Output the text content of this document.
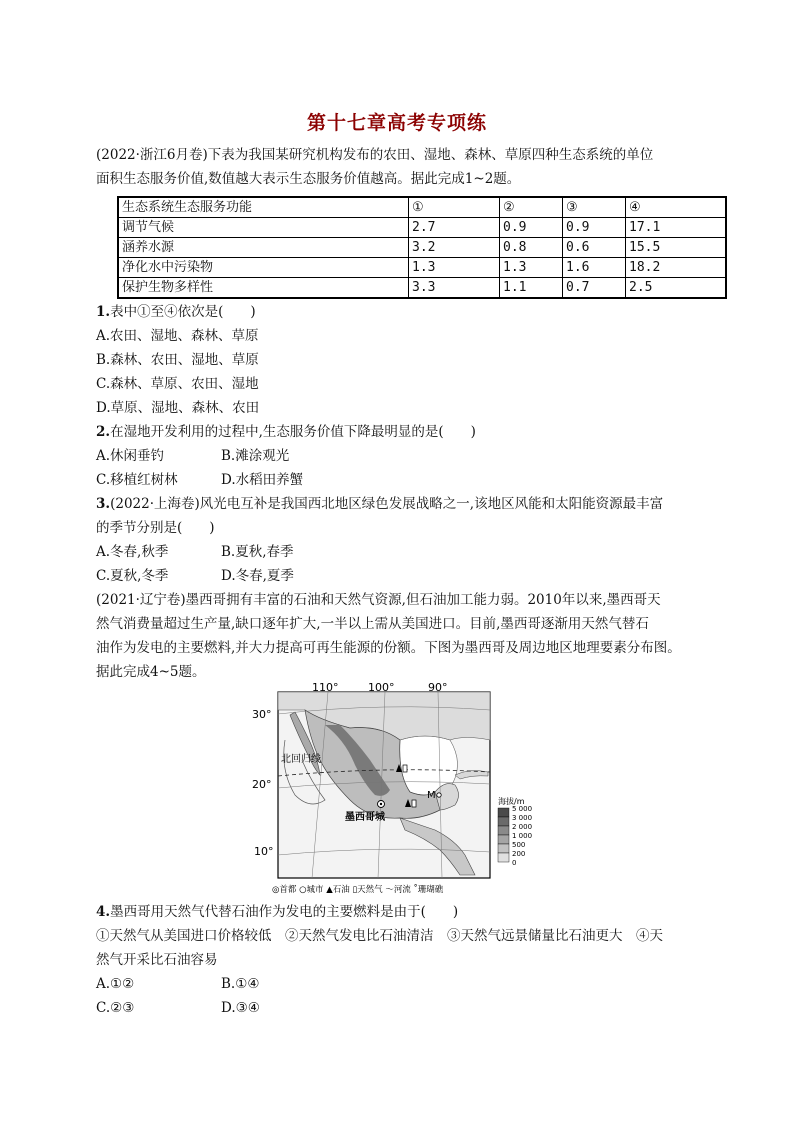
第十七章高考专项练
(2022·浙江6月卷)下表为我国某研究机构发布的农田、湿地、森林、草原四种生态系统的单位
面积生态服务价值,数值越大表示生态服务价值越高。据此完成1~2题。
生态系统生态服务功能	①	②	③	④
调节气候	2.7	0.9	0.9	17.1
涵养水源	3.2	0.8	0.6	15.5
净化水中污染物	1.3	1.3	1.6	18.2
保护生物多样性	3.3	1.1	0.7	2.5
1.表中①至④依次是(　　)
A.农田、湿地、森林、草原
B.森林、农田、湿地、草原
C.森林、草原、农田、湿地
D.草原、湿地、森林、农田
2.在湿地开发利用的过程中,生态服务价值下降最明显的是(　　)
A.休闲垂钓	B.滩涂观光
C.移植红树林	D.水稻田养蟹
3.(2022·上海卷)风光电互补是我国西北地区绿色发展战略之一,该地区风能和太阳能资源最丰富
的季节分别是(　　)
A.冬春,秋季	B.夏秋,春季
C.夏秋,冬季	D.冬春,夏季
(2021·辽宁卷)墨西哥拥有丰富的石油和天然气资源,但石油加工能力弱。2010年以来,墨西哥天
然气消费量超过生产量,缺口逐年扩大,一半以上需从美国进口。目前,墨西哥逐渐用天然气替石
油作为发电的主要燃料,并大力提高可再生能源的份额。下图为墨西哥及周边地区地理要素分布图。
据此完成4~5题。
110°	100°	90°
30°
20°
10°
北回归线
墨西哥城
M
海拔/m
5 000
3 000
2 000
1 000
500
200
0
◎首都 ○城市 ▲石油 ▯天然气 ～河流 ˚珊瑚礁
4.墨西哥用天然气代替石油作为发电的主要燃料是由于(　　)
①天然气从美国进口价格较低　②天然气发电比石油清洁　③天然气远景储量比石油更大　④天
然气开采比石油容易
A.①②	B.①④
C.②③	D.③④
